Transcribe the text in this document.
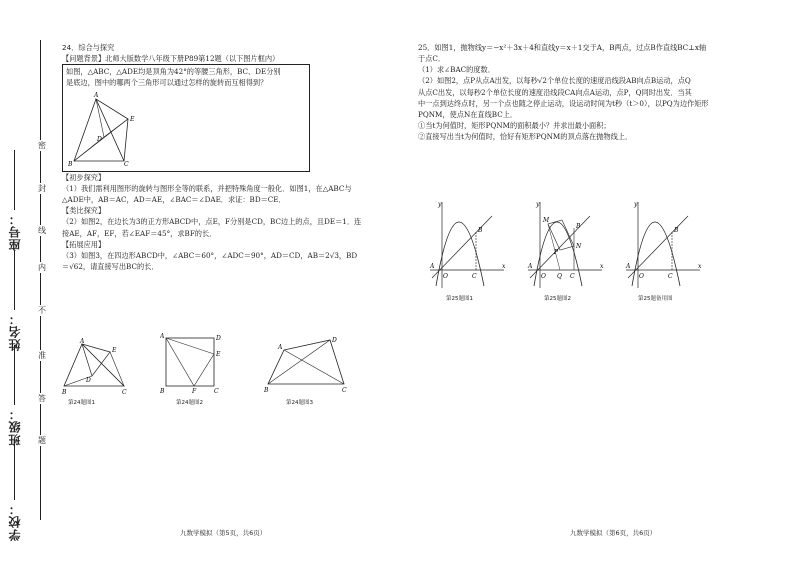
座号：
姓名：
班级：
学校：
密
封
线
内
不
准
答
题

24．综合与探究

【问题背景】北师大版数学八年级下册P89第12题（以下图片框内）

如图，△ABC，△ADE均是顶角为42°的等腰三角形，BC、DE分别

是底边，图中的哪两个三角形可以通过怎样的旋转而互相得到？

A
E
D
B	C

【初步探究】

（1）我们需利用图形的旋转与图形全等的联系，并把特殊角度一般化．如图1，在△ABC与

△ADE中，AB＝AC，AD＝AE，∠BAC＝∠DAE．求证：BD＝CE．

【类比探究】

（2）如图2，在边长为3的正方形ABCD中，点E，F分别是CD，BC边上的点，且DE＝1．连

接AE，AF，EF，若∠EAF＝45°，求BF的长．

【拓展应用】

（3）如图3，在四边形ABCD中，∠ABC＝60°，∠ADC＝90°，AD＝CD，AB＝2√3，BD

＝√62，请直接写出BC的长．

A
E
D
B	C
A	D
E
B	F	C
A
D
B	C
第24题图1	第24题图2	第24题图3

25．如图1，抛物线y＝−x²＋3x＋4和直线y＝x＋1交于A，B两点，过点B作直线BC⊥x轴

于点C．

（1）求∠BAC的度数．

（2）如图2，点P从点A出发，以每秒√2个单位长度的速度沿线段AB向点B运动，点Q

从点C出发，以每秒2个单位长度的速度沿线段CA向点A运动，点P，Q同时出发．当其

中一点到达终点时，另一个点也随之停止运动，设运动时间为t秒（t＞0），以PQ为边作矩形

PQNM，使点N在直线BC上．

①当t为何值时，矩形PQNM的面积最小？并求出最小面积；

②直接写出当t为何值时，恰好有矩形PQNM的顶点落在抛物线上．

y
x
O
B
A
C
y
x
O
M
B
P
N
A
Q C
y
x
O
B
A
C
第25题图1	第25题图2	第25题备用图
九数学模拟（第5页，共6页）	九数学模拟（第6页，共6页）
